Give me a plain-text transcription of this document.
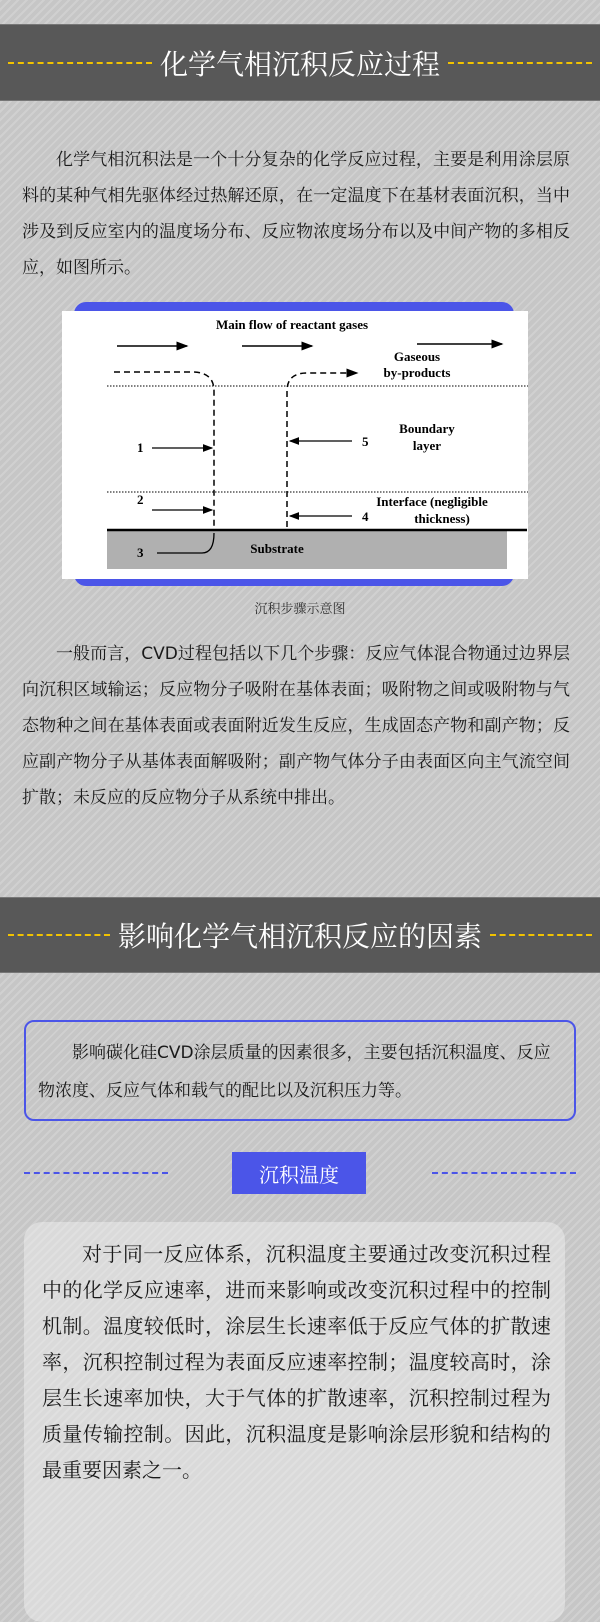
化学气相沉积反应过程

化学气相沉积法是一个十分复杂的化学反应过程，主要是利用涂层原料的某种气相先驱体经过热解还原，在一定温度下在基材表面沉积，当中涉及到反应室内的温度场分布、反应物浓度场分布以及中间产物的多相反应，如图所示。

Main flow of reactant gases
Gaseous
by-products
1
2
5
4
Boundary
layer
Interface (negligible
thickness)
3	Substrate
沉积步骤示意图

一般而言，CVD过程包括以下几个步骤：反应气体混合物通过边界层向沉积区域输运；反应物分子吸附在基体表面；吸附物之间或吸附物与气态物种之间在基体表面或表面附近发生反应，生成固态产物和副产物；反应副产物分子从基体表面解吸附；副产物气体分子由表面区向主气流空间扩散；未反应的反应物分子从系统中排出。

影响化学气相沉积反应的因素
影响碳化硅CVD涂层质量的因素很多，主要包括沉积温度、反应物浓度、反应气体和载气的配比以及沉积压力等。
沉积温度
对于同一反应体系，沉积温度主要通过改变沉积过程中的化学反应速率，进而来影响或改变沉积过程中的控制机制。温度较低时，涂层生长速率低于反应气体的扩散速率，沉积控制过程为表面反应速率控制；温度较高时，涂层生长速率加快，大于气体的扩散速率，沉积控制过程为质量传输控制。因此，沉积温度是影响涂层形貌和结构的最重要因素之一。
